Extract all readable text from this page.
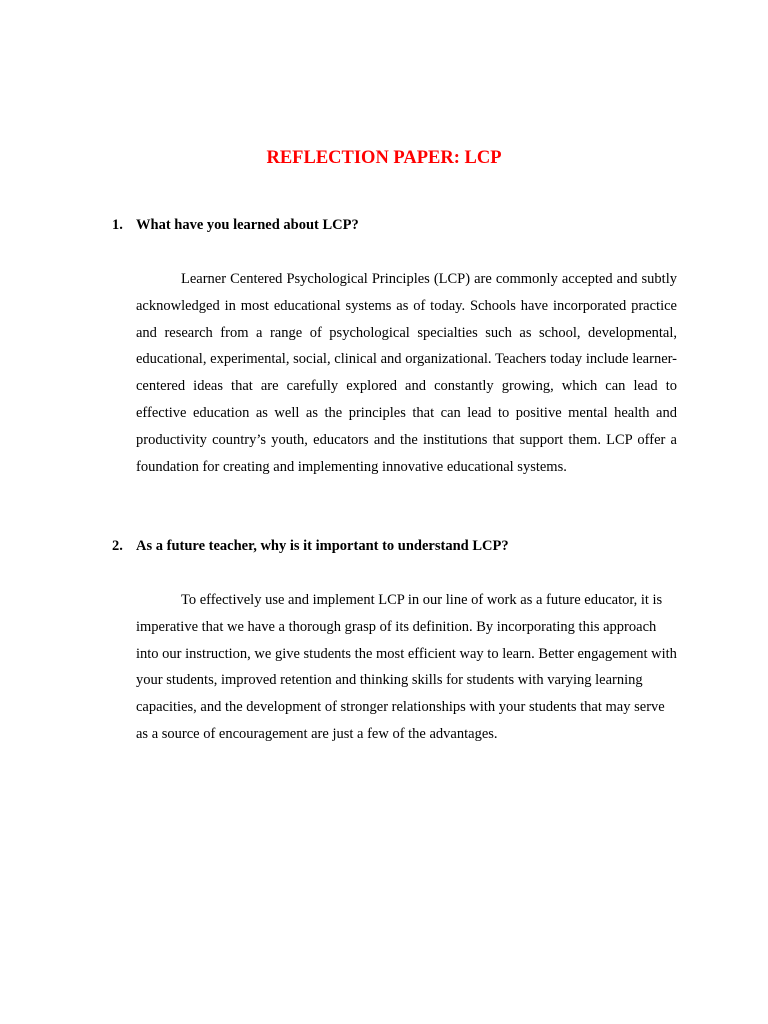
REFLECTION PAPER: LCP
1. What have you learned about LCP?

Learner Centered Psychological Principles (LCP) are commonly accepted and subtly acknowledged in most educational systems as of today. Schools have incorporated practice and research from a range of psychological specialties such as school, developmental, educational, experimental, social, clinical and organizational. Teachers today include learner-centered ideas that are carefully explored and constantly growing, which can lead to effective education as well as the principles that can lead to positive mental health and productivity country’s youth, educators and the institutions that support them. LCP offer a foundation for creating and implementing innovative educational systems.

2. As a future teacher, why is it important to understand LCP?

To effectively use and implement LCP in our line of work as a future educator, it is imperative that we have a thorough grasp of its definition. By incorporating this approach into our instruction, we give students the most efficient way to learn. Better engagement with your students, improved retention and thinking skills for students with varying learning capacities, and the development of stronger relationships with your students that may serve as a source of encouragement are just a few of the advantages.
